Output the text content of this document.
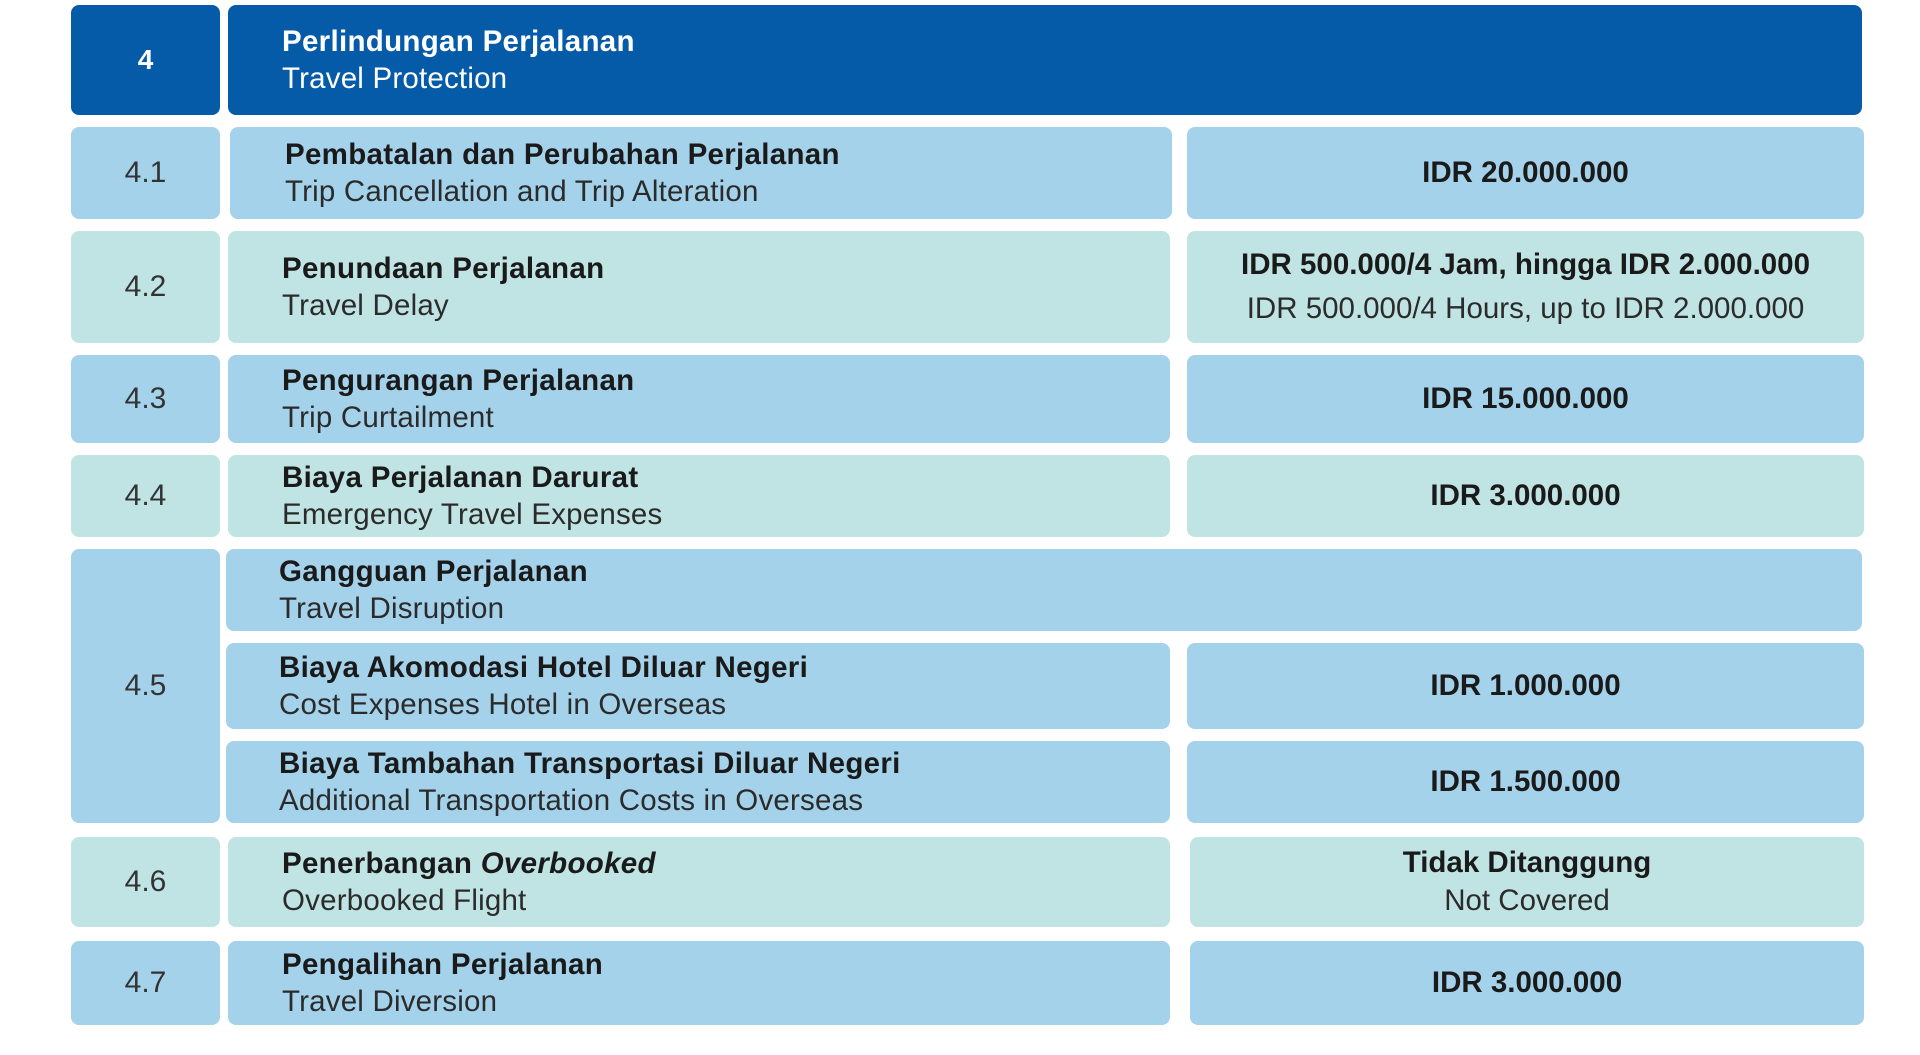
4
Perlindungan Perjalanan
Travel Protection
4.1
Pembatalan dan Perubahan Perjalanan
Trip Cancellation and Trip Alteration
IDR 20.000.000
4.2
Penundaan Perjalanan
Travel Delay
IDR 500.000/4 Jam, hingga IDR 2.000.000
IDR 500.000/4 Hours, up to IDR 2.000.000
4.3
Pengurangan Perjalanan
Trip Curtailment
IDR 15.000.000
4.4
Biaya Perjalanan Darurat
Emergency Travel Expenses
IDR 3.000.000
4.5
Gangguan Perjalanan
Travel Disruption
Biaya Akomodasi Hotel Diluar Negeri
Cost Expenses Hotel in Overseas
IDR 1.000.000
Biaya Tambahan Transportasi Diluar Negeri
Additional Transportation Costs in Overseas
IDR 1.500.000
4.6
Penerbangan Overbooked
Overbooked Flight
Tidak Ditanggung
Not Covered
4.7
Pengalihan Perjalanan
Travel Diversion
IDR 3.000.000
